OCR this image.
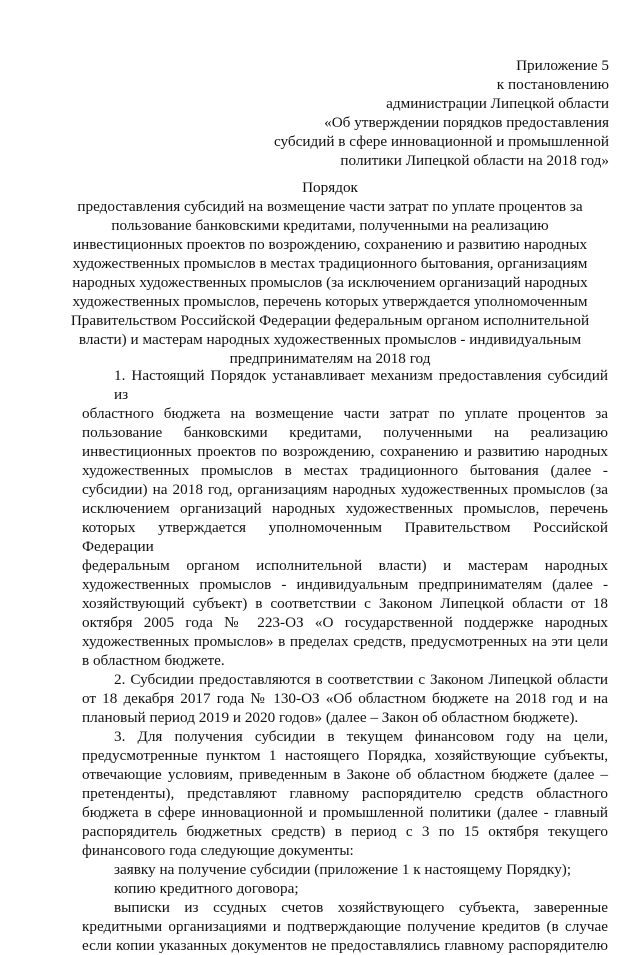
Приложение 5
к постановлению
администрации Липецкой области
«Об утверждении порядков предоставления
субсидий в сфере инновационной и промышленной
политики Липецкой области на 2018 год»
Порядок
предоставления субсидий на возмещение части затрат по уплате процентов за
пользование банковскими кредитами, полученными на реализацию
инвестиционных проектов по возрождению, сохранению и развитию народных
художественных промыслов в местах традиционного бытования, организациям
народных художественных промыслов (за исключением организаций народных
художественных промыслов, перечень которых утверждается уполномоченным
Правительством Российской Федерации федеральным органом исполнительной
власти) и мастерам народных художественных промыслов - индивидуальным
предпринимателям на 2018 год
1. Настоящий Порядок устанавливает механизм предоставления субсидий из
областного бюджета на возмещение части затрат по уплате процентов за
пользование банковскими кредитами, полученными на реализацию
инвестиционных проектов по возрождению, сохранению и развитию народных
художественных промыслов в местах традиционного бытования (далее -
субсидии) на 2018 год, организациям народных художественных промыслов (за
исключением организаций народных художественных промыслов, перечень
которых утверждается уполномоченным Правительством Российской Федерации
федеральным органом исполнительной власти) и мастерам народных
художественных промыслов - индивидуальным предпринимателям (далее -
хозяйствующий субъект) в соответствии с Законом Липецкой области от 18
октября 2005 года № 223-ОЗ «О государственной поддержке народных
художественных промыслов» в пределах средств, предусмотренных на эти цели
в областном бюджете.
2. Субсидии предоставляются в соответствии с Законом Липецкой области
от 18 декабря 2017 года № 130-ОЗ «Об областном бюджете на 2018 год и на
плановый период 2019 и 2020 годов» (далее – Закон об областном бюджете).
3. Для получения субсидии в текущем финансовом году на цели,
предусмотренные пунктом 1 настоящего Порядка, хозяйствующие субъекты,
отвечающие условиям, приведенным в Законе об областном бюджете (далее –
претенденты), представляют главному распорядителю средств областного
бюджета в сфере инновационной и промышленной политики (далее - главный
распорядитель бюджетных средств) в период с 3 по 15 октября текущего
финансового года следующие документы:
заявку на получение субсидии (приложение 1 к настоящему Порядку);
копию кредитного договора;
выписки из ссудных счетов хозяйствующего субъекта, заверенные
кредитными организациями и подтверждающие получение кредитов (в случае
если копии указанных документов не предоставлялись главному распорядителю
